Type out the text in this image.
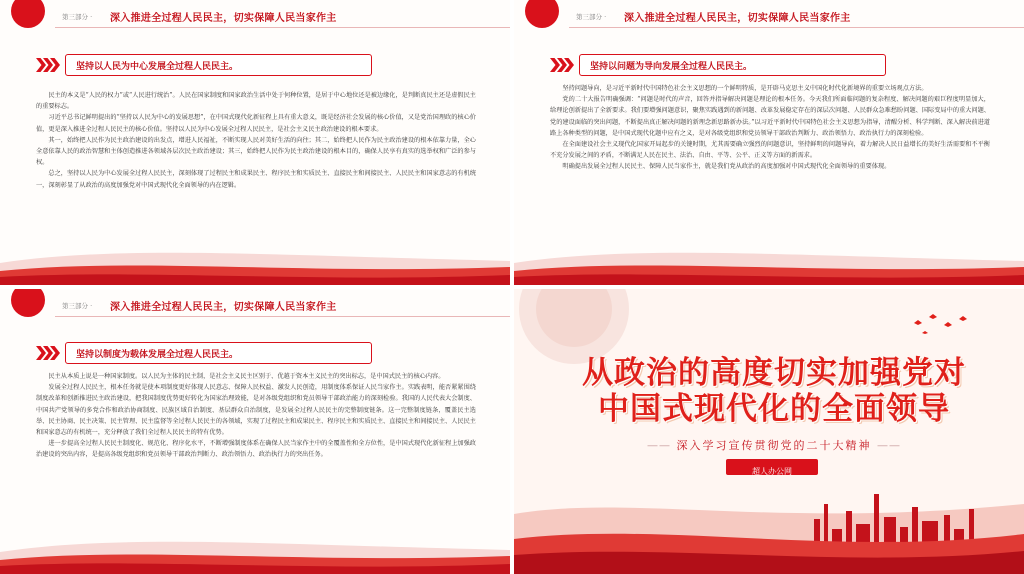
第三部分 · 深入推进全过程人民民主，切实保障人民当家作主
坚持以人民为中心发展全过程人民民主。

民主的本义是“人民的权力”或“人民进行统治”。人民在国家制度和国家政治生活中处于何种位置，是居于中心地位还是被边缘化，是判断真民主还是虚假民主的重要标志。

习近平总书记鲜明提出的“坚持以人民为中心的发展思想”，在中国式现代化新征程上具有重大意义，既是经济社会发展的核心价值，又是党治国理政的核心价值，更是深入推进全过程人民民主的核心价值。坚持以人民为中心发展全过程人民民主，是社会主义民主政治建设的根本要求。

其一，始终把人民作为民主政治建设的出发点，增进人民福祉，不断实现人民对美好生活的向往；其二，始终把人民作为民主政治建设的根本依靠力量，全心全意依靠人民的政治智慧和主体创造推进各领域各层次民主政治建设；其三，始终把人民作为民主政治建设的根本目的，确保人民享有真实的选举权和广泛的参与权。

总之，坚持以人民为中心发展全过程人民民主，深刻体现了过程民主和成果民主、程序民主和实质民主、直接民主和间接民主、人民民主和国家意志的有机统一，深刻彰显了从政治的高度加强党对中国式现代化全面领导的内在逻辑。

第三部分 · 深入推进全过程人民民主，切实保障人民当家作主
坚持以问题为导向发展全过程人民民主。

坚持问题导向，是习近平新时代中国特色社会主义思想的一个鲜明特质，是开辟马克思主义中国化时代化新境界的重要立场观点方法。

党的二十大报告明确强调：“问题是时代的声音，回答并指导解决问题是理论的根本任务。今天我们所面临问题的复杂程度、解决问题的艰巨程度明显加大，给理论创新提出了全新要求。我们要增强问题意识，聚焦实践遇到的新问题、改革发展稳定存在的深层次问题、人民群众急难愁盼问题、国际变局中的重大问题、党的建设面临的突出问题，不断提出真正解决问题的新理念新思路新办法。”以习近平新时代中国特色社会主义思想为指导，清醒分析、科学判断、深入解决前进道路上各种类型的问题，是中国式现代化题中应有之义，是对各级党组织和党员领导干部政治判断力、政治领悟力、政治执行力的深刻检验。

在全面建设社会主义现代化国家开局起步的关键时期，尤其需要确立强烈的问题意识，坚持鲜明的问题导向，着力解决人民日益增长的美好生活需要和不平衡不充分发展之间的矛盾，不断满足人民在民主、法治、自由、平等、公平、正义等方面的新需求。

明确提出发展全过程人民民主、保障人民当家作主，就是我们党从政治的高度加强对中国式现代化全面领导的重要体现。

第三部分 · 深入推进全过程人民民主，切实保障人民当家作主
坚持以制度为载体发展全过程人民民主。

民主从本质上说是一种国家制度。以人民为主体的民主制，是社会主义民主区别于、优越于资本主义民主的突出标志，是中国式民主的核心内容。

发展全过程人民民主，根本任务就是使本项制度更好体现人民意志、保障人民权益、激发人民创造，用制度体系保证人民当家作主。实践表明，能否紧紧围绕制度改革和创新推进民主政治建设，把我国制度优势更好转化为国家治理效能，是对各级党组织和党员领导干部政治能力的深刻检验。我国的人民代表大会制度、中国共产党领导的多党合作和政治协商制度、民族区域自治制度、基层群众自治制度，是发展全过程人民民主的完整制度链条。这一完整制度链条，覆盖民主选举、民主协商、民主决策、民主管理、民主监督等全过程人民民主的各领域，实现了过程民主和成果民主、程序民主和实质民主、直接民主和间接民主、人民民主和国家意志的有机统一，充分释放了我们全过程人民民主的特有优势。

进一步提高全过程人民民主制度化、规范化、程序化水平，不断增强制度体系在确保人民当家作主中的全覆盖性和全方位性，是中国式现代化新征程上加强政治建设的突出内容，是提高各级党组织和党员领导干部政治判断力、政治领悟力、政治执行力的突出任务。

从政治的高度切实加强党对
中国式现代化的全面领导
—— 深入学习宣传贯彻党的二十大精神 ——
超人办公网
